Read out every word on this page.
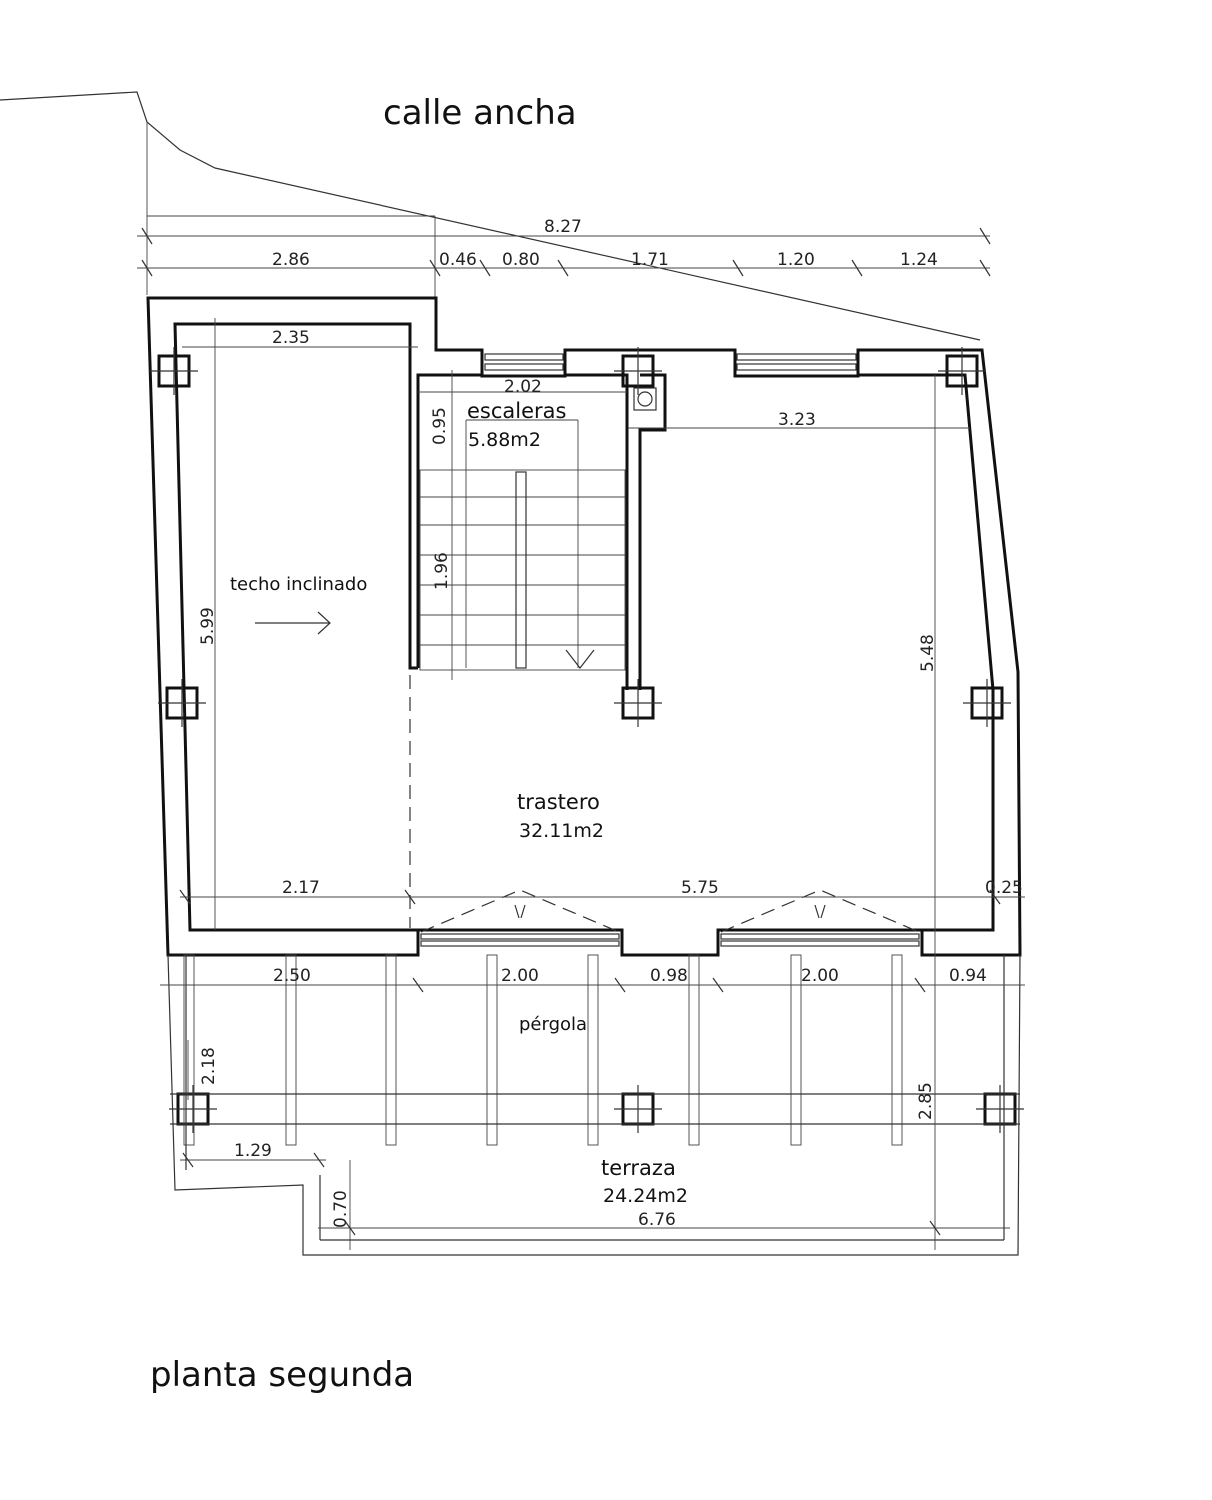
calle ancha
planta segunda
escaleras
5.88m2
trastero
32.11m2
terraza
24.24m2
pérgola
techo inclinado
8.27
2.86	0.46 0.80	1.71	1.20	1.24
2.35
2.02
3.23
2.17	5.75	0.25
2.50	2.00	0.98	2.00	0.94
1.29
6.76
5.99
5.48
0.95
1.96
2.18
2.85
0.70
